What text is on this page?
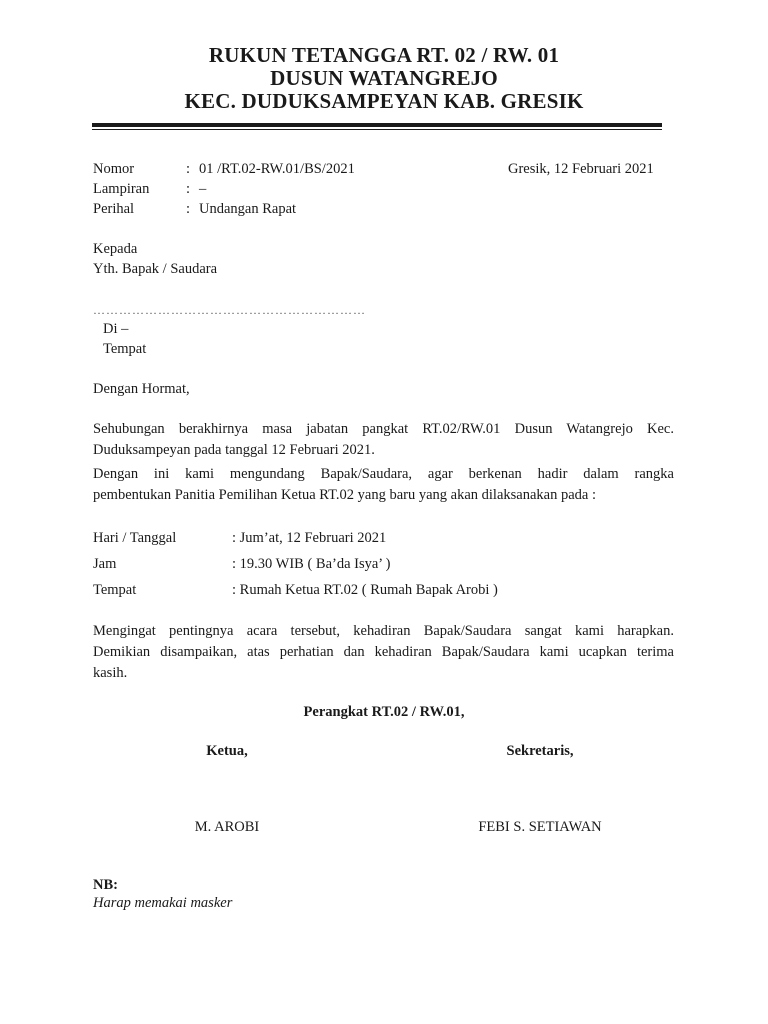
RUKUN TETANGGA RT. 02 / RW. 01
DUSUN WATANGREJO
KEC. DUDUKSAMPEYAN KAB. GRESIK
Nomor	: 01 /RT.02-RW.01/BS/2021	Gresik, 12 Februari 2021
Lampiran	: –
Perihal	: Undangan Rapat
Kepada
Yth. Bapak / Saudara
………………………………………………………
Di –
Tempat
Dengan Hormat,
Sehubungan berakhirnya masa jabatan pangkat RT.02/RW.01 Dusun Watangrejo Kec.
Duduksampeyan pada tanggal 12 Februari 2021.
Dengan ini kami mengundang Bapak/Saudara, agar berkenan hadir dalam rangka
pembentukan Panitia Pemilihan Ketua RT.02 yang baru yang akan dilaksanakan pada :
Hari / Tanggal	: Jum’at, 12 Februari 2021
Jam	: 19.30 WIB ( Ba’da Isya’ )
Tempat	: Rumah Ketua RT.02 ( Rumah Bapak Arobi )
Mengingat pentingnya acara tersebut, kehadiran Bapak/Saudara sangat kami harapkan.
Demikian disampaikan, atas perhatian dan kehadiran Bapak/Saudara kami ucapkan terima
kasih.
Perangkat RT.02 / RW.01,
Ketua,	Sekretaris,
M. AROBI	FEBI S. SETIAWAN
NB:
Harap memakai masker
